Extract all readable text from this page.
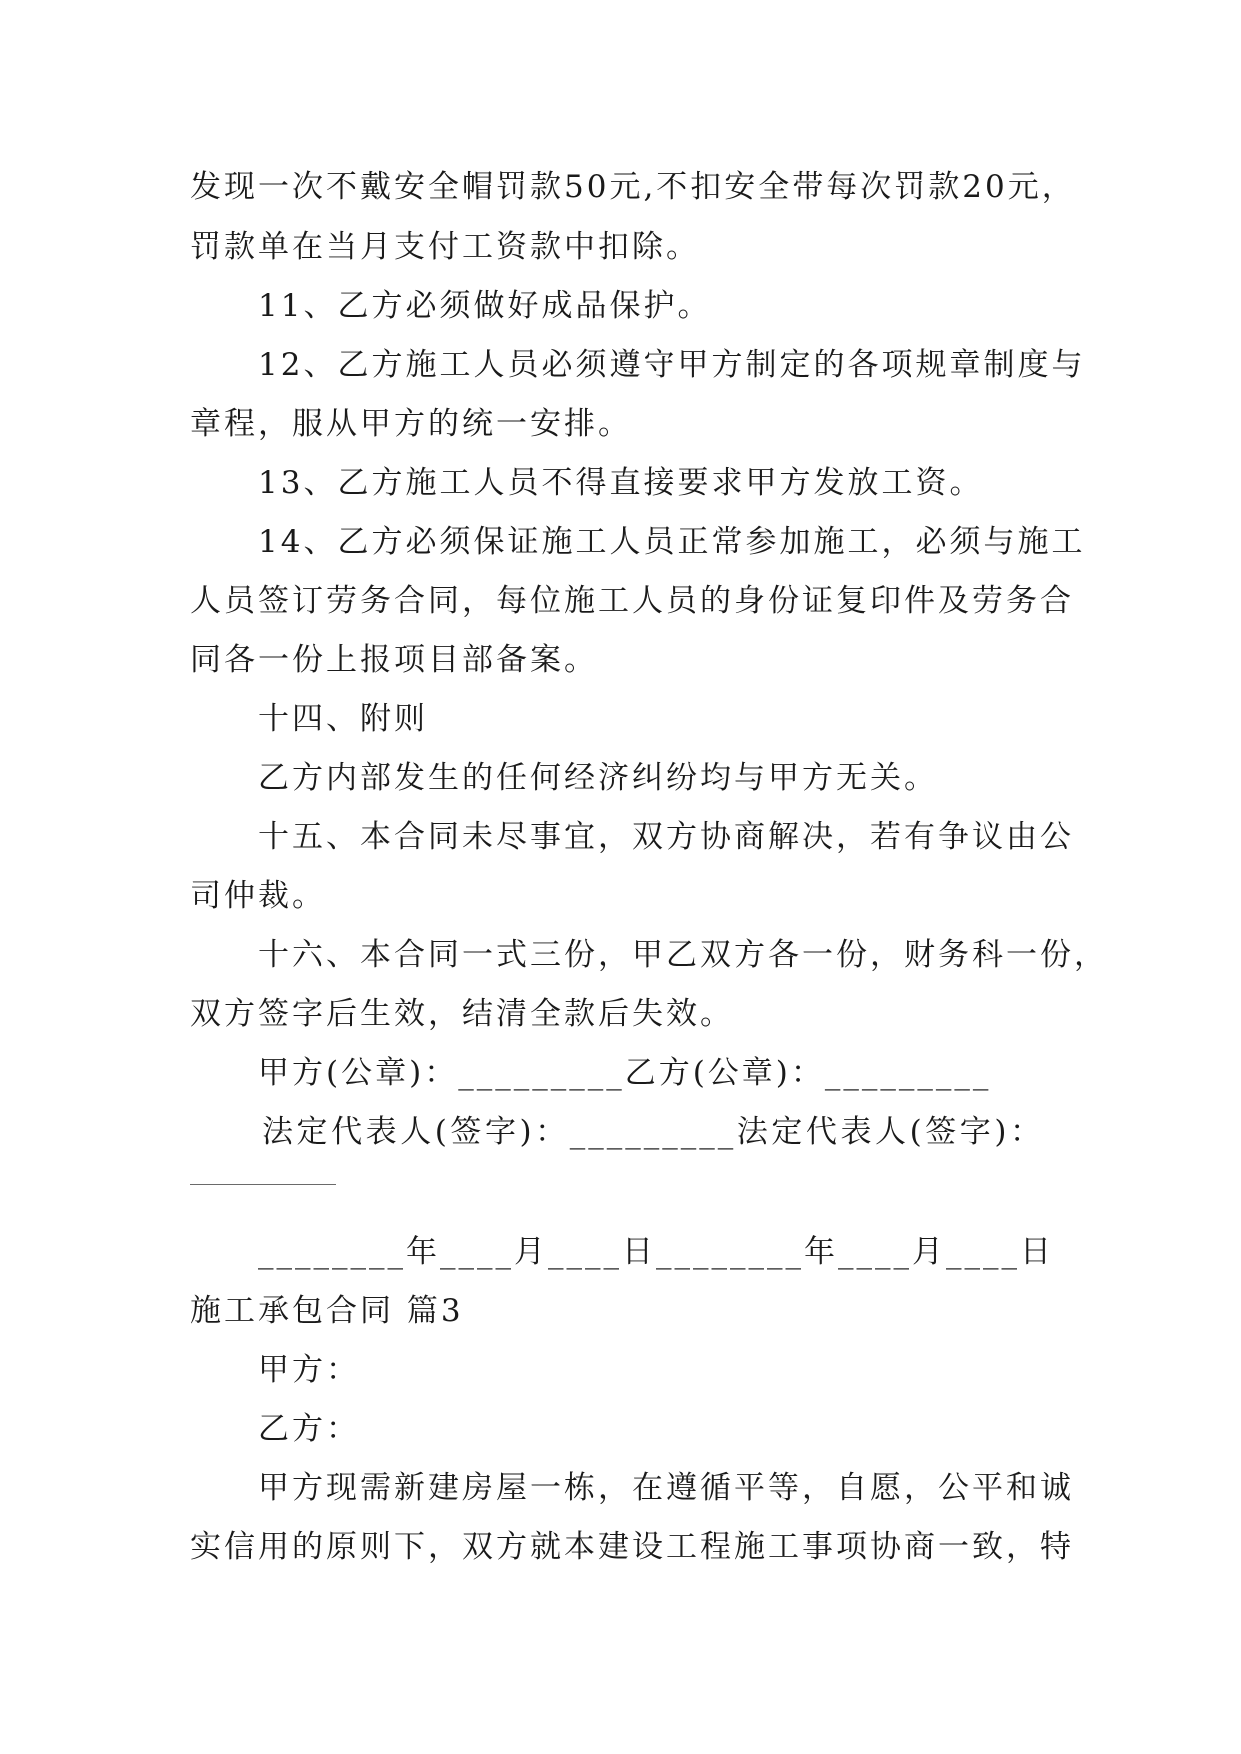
发现一次不戴安全帽罚款50元,不扣安全带每次罚款20元，
罚款单在当月支付工资款中扣除。
11、乙方必须做好成品保护。
12、乙方施工人员必须遵守甲方制定的各项规章制度与
章程，服从甲方的统一安排。
13、乙方施工人员不得直接要求甲方发放工资。
14、乙方必须保证施工人员正常参加施工，必须与施工
人员签订劳务合同，每位施工人员的身份证复印件及劳务合
同各一份上报项目部备案。
十四、附则
乙方内部发生的任何经济纠纷均与甲方无关。
十五、本合同未尽事宜，双方协商解决，若有争议由公
司仲裁。
十六、本合同一式三份，甲乙双方各一份，财务科一份，
双方签字后生效，结清全款后失效。
甲方(公章)：_________乙方(公章)：_________
法定代表人(签字)：_________法定代表人(签字)：
________年____月____日________年____月____日
施工承包合同 篇3
甲方：
乙方：
甲方现需新建房屋一栋，在遵循平等，自愿，公平和诚
实信用的原则下，双方就本建设工程施工事项协商一致，特
